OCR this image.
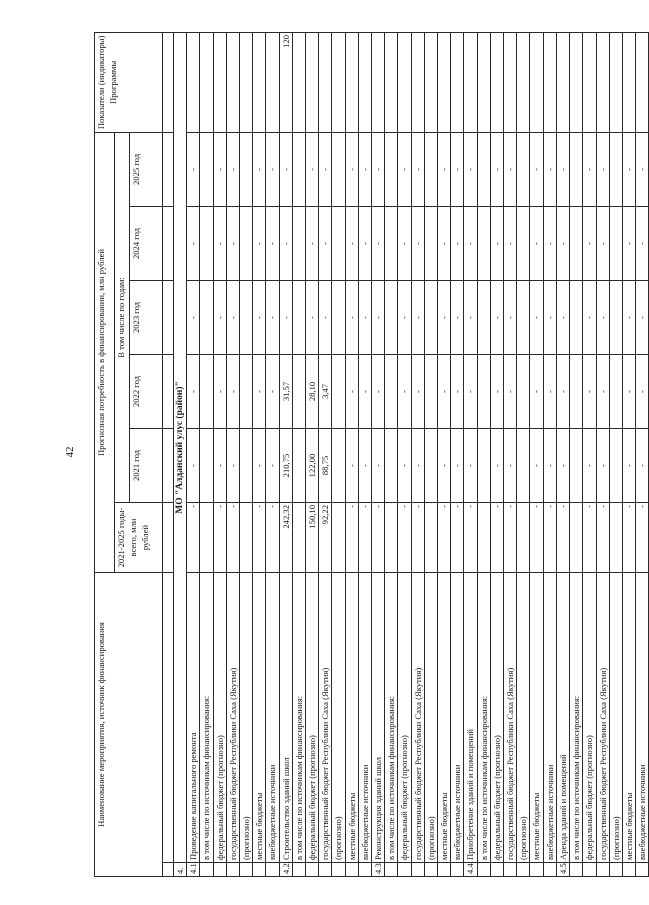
42
Наименование мероприятия, источник финансирования		Прогнозная потребность в финансировании, млн рублей						Показатели (индикаторы) Программы
		2021-2025 годы- всего, млн рублей	В том числе по годам:					
			2021 год	2022 год	2023 год	2024 год	2025 год	

4.	МО "Алданский улус (район)"							
4.1.	Проведение капитального ремонта	-	-	-	-	-	-	
	в том числе по источникам финансирования:							
	федеральный бюджет (прогнозно)	-	-	-	-	-	-	
	государственный бюджет Республики Саха (Якутия)	-	-	-	-	-	-	
	(прогнозно)							
	местные бюджеты	-	-	-	-	-	-	
	внебюджетные источники	-	-	-	-	-	-	
4.2.	Строительство зданий школ	242,32	210,75	31,57	-	-	-	120
	в том числе по источникам финансирования:							
	федеральный бюджет (прогнозно)	150,10	122,00	28,10	-	-	-	
	государственный бюджет Республики Саха (Якутия)	92,22	88,75	3,47	-	-	-	
	(прогнозно)							
	местные бюджеты	-	-	-	-	-	-	
	внебюджетные источники	-	-	-	-	-	-	
4.3.	Реконструкция зданий школ	-	-	-	-	-	-	
	в том числе по источникам финансирования:							
	федеральный бюджет (прогнозно)	-	-	-	-	-	-	
	государственный бюджет Республики Саха (Якутия)	-	-	-	-	-	-	
	(прогнозно)							
	местные бюджеты	-	-	-	-	-	-	
	внебюджетные источники	-	-	-	-	-	-	
4.4.	Приобретение зданий и помещений	-	-	-	-	-	-	
	в том числе по источникам финансирования:							
	федеральный бюджет (прогнозно)	-	-	-	-	-	-	
	государственный бюджет Республики Саха (Якутия)	-	-	-	-	-	-	
	(прогнозно)							
	местные бюджеты	-	-	-	-	-	-	
	внебюджетные источники	-	-	-	-	-	-	
4.5.	Аренда зданий и помещений	-	-	-	-	-	-	
	в том числе по источникам финансирования:							
	федеральный бюджет (прогнозно)	-	-	-	-	-	-	
	государственный бюджет Республики Саха (Якутия)	-	-	-	-	-	-	
	(прогнозно)							
	местные бюджеты	-	-	-	-	-	-	
	внебюджетные источники	-	-	-	-	-	-	
